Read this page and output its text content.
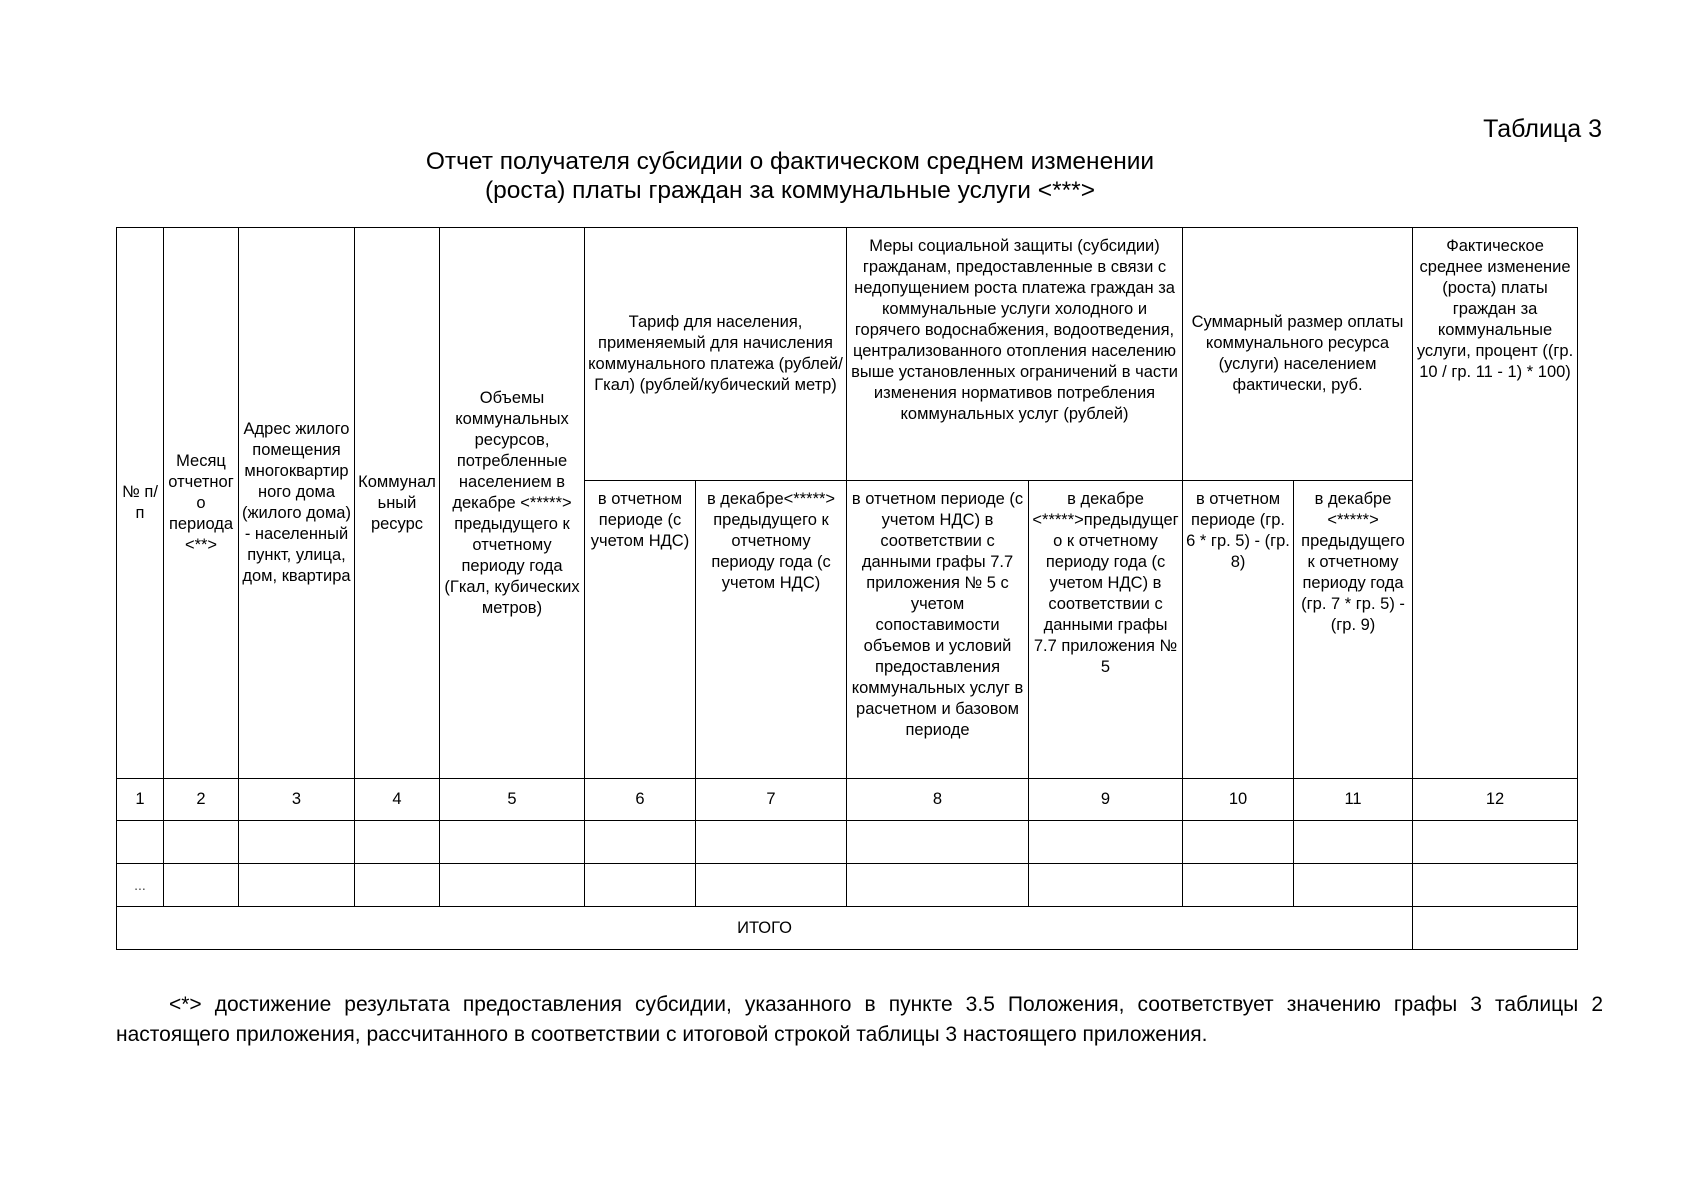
Таблица 3
Отчет получателя субсидии о фактическом среднем изменении
(роста) платы граждан за коммунальные услуги <***>
№ п/п	Месяц отчетного периода <**>	Адрес жилого помещения многоквартирного дома (жилого дома) - населенный пункт, улица, дом, квартира	Коммунальный ресурс	Объемы коммунальных ресурсов, потребленные населением в декабре <*****> предыдущего к отчетному периоду года (Гкал, кубических метров)	Тариф для населения, применяемый для начисления коммунального платежа (рублей/Гкал) (рублей/кубический метр)		Меры социальной защиты (субсидии) гражданам, предоставленные в связи с недопущением роста платежа граждан за коммунальные услуги холодного и горячего водоснабжения, водоотведения, централизованного отопления населению выше установленных ограничений в части изменения нормативов потребления коммунальных услуг (рублей)		Суммарный размер оплаты коммунального ресурса (услуги) населением фактически, руб.		Фактическое среднее изменение (роста) платы граждан за коммунальные услуги, процент ((гр. 10 / гр. 11 - 1) * 100)
					в отчетном периоде (с учетом НДС)	в декабре<*****> предыдущего к отчетному периоду года (с учетом НДС)	в отчетном периоде (с учетом НДС) в соответствии с данными графы 7.7 приложения № 5 с учетом сопоставимости объемов и условий предоставления коммунальных услуг в расчетном и базовом периоде	в декабре <*****>предыдущего к отчетному периоду года (с учетом НДС) в соответствии с данными графы 7.7 приложения № 5	в отчетном периоде (гр. 6 * гр. 5) - (гр. 8)	в декабре <*****> предыдущего к отчетному периоду года (гр. 7 * гр. 5) - (гр. 9)	
1	2	3	4	5	6	7	8	9	10	11	12

...											
ИТОГО											
<*> достижение результата предоставления субсидии, указанного в пункте 3.5 Положения, соответствует значению графы 3 таблицы 2 настоящего приложения, рассчитанного в соответствии с итоговой строкой таблицы 3 настоящего приложения.
